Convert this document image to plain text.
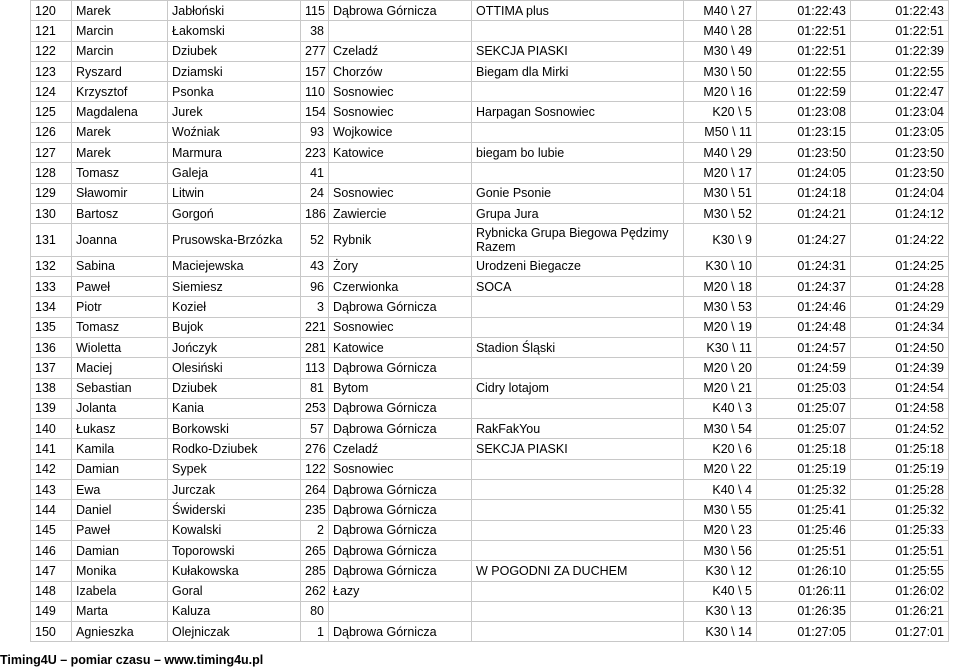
120	Marek	Jabłoński	115	Dąbrowa Górnicza	OTTIMA plus	M40 \ 27	01:22:43	01:22:43
121	Marcin	Łakomski	38			M40 \ 28	01:22:51	01:22:51
122	Marcin	Dziubek	277	Czeladź	SEKCJA PIASKI	M30 \ 49	01:22:51	01:22:39
123	Ryszard	Dziamski	157	Chorzów	Biegam dla Mirki	M30 \ 50	01:22:55	01:22:55
124	Krzysztof	Psonka	110	Sosnowiec		M20 \ 16	01:22:59	01:22:47
125	Magdalena	Jurek	154	Sosnowiec	Harpagan Sosnowiec	K20 \ 5	01:23:08	01:23:04
126	Marek	Woźniak	93	Wojkowice		M50 \ 11	01:23:15	01:23:05
127	Marek	Marmura	223	Katowice	biegam bo lubie	M40 \ 29	01:23:50	01:23:50
128	Tomasz	Galeja	41			M20 \ 17	01:24:05	01:23:50
129	Sławomir	Litwin	24	Sosnowiec	Gonie Psonie	M30 \ 51	01:24:18	01:24:04
130	Bartosz	Gorgoń	186	Zawiercie	Grupa Jura	M30 \ 52	01:24:21	01:24:12
131	Joanna	Prusowska-Brzózka	52	Rybnik	Rybnicka Grupa Biegowa Pędzimy Razem	K30 \ 9	01:24:27	01:24:22
132	Sabina	Maciejewska	43	Żory	Urodzeni Biegacze	K30 \ 10	01:24:31	01:24:25
133	Paweł	Siemiesz	96	Czerwionka	SOCA	M20 \ 18	01:24:37	01:24:28
134	Piotr	Kozieł	3	Dąbrowa Górnicza		M30 \ 53	01:24:46	01:24:29
135	Tomasz	Bujok	221	Sosnowiec		M20 \ 19	01:24:48	01:24:34
136	Wioletta	Jończyk	281	Katowice	Stadion Śląski	K30 \ 11	01:24:57	01:24:50
137	Maciej	Olesiński	113	Dąbrowa Górnicza		M20 \ 20	01:24:59	01:24:39
138	Sebastian	Dziubek	81	Bytom	Cidry lotajom	M20 \ 21	01:25:03	01:24:54
139	Jolanta	Kania	253	Dąbrowa Górnicza		K40 \ 3	01:25:07	01:24:58
140	Łukasz	Borkowski	57	Dąbrowa Górnicza	RakFakYou	M30 \ 54	01:25:07	01:24:52
141	Kamila	Rodko-Dziubek	276	Czeladź	SEKCJA PIASKI	K20 \ 6	01:25:18	01:25:18
142	Damian	Sypek	122	Sosnowiec		M20 \ 22	01:25:19	01:25:19
143	Ewa	Jurczak	264	Dąbrowa Górnicza		K40 \ 4	01:25:32	01:25:28
144	Daniel	Świderski	235	Dąbrowa Górnicza		M30 \ 55	01:25:41	01:25:32
145	Paweł	Kowalski	2	Dąbrowa Górnicza		M20 \ 23	01:25:46	01:25:33
146	Damian	Toporowski	265	Dąbrowa Górnicza		M30 \ 56	01:25:51	01:25:51
147	Monika	Kułakowska	285	Dąbrowa Górnicza	W POGODNI ZA DUCHEM	K30 \ 12	01:26:10	01:25:55
148	Izabela	Goral	262	Łazy		K40 \ 5	01:26:11	01:26:02
149	Marta	Kaluza	80			K30 \ 13	01:26:35	01:26:21
150	Agnieszka	Olejniczak	1	Dąbrowa Górnicza		K30 \ 14	01:27:05	01:27:01
Timing4U – pomiar czasu – www.timing4u.pl
